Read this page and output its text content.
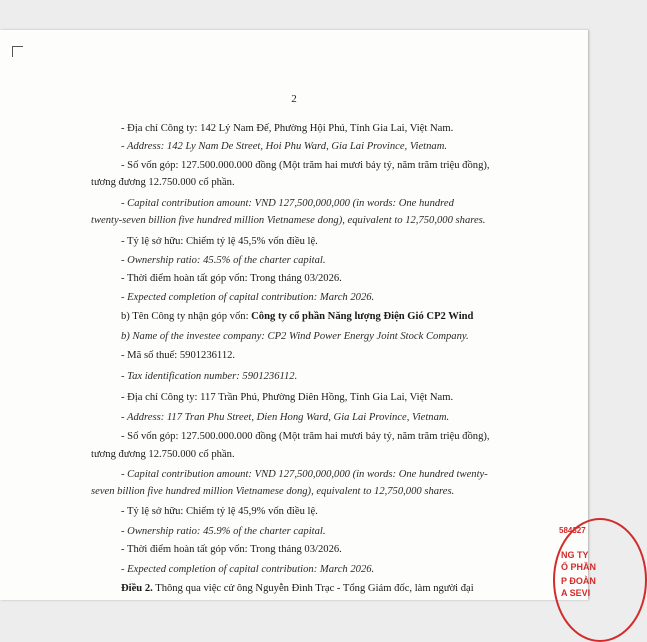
2
- Địa chỉ Công ty: 142 Lý Nam Đế, Phường Hội Phú, Tỉnh Gia Lai, Việt Nam.
- Address: 142 Ly Nam De Street, Hoi Phu Ward, Gia Lai Province, Vietnam.
- Số vốn góp: 127.500.000.000 đồng (Một trăm hai mươi bảy tỷ, năm trăm triệu đồng),
tương đương 12.750.000 cổ phần.
- Capital contribution amount: VND 127,500,000,000 (in words: One hundred
twenty-seven billion five hundred million Vietnamese dong), equivalent to 12,750,000 shares.
- Tỷ lệ sở hữu: Chiếm tỷ lệ 45,5% vốn điều lệ.
- Ownership ratio: 45.5% of the charter capital.
- Thời điểm hoàn tất góp vốn: Trong tháng 03/2026.
- Expected completion of capital contribution: March 2026.
b) Tên Công ty nhận góp vốn: Công ty cổ phần Năng lượng Điện Gió CP2 Wind
b) Name of the investee company: CP2 Wind Power Energy Joint Stock Company.
- Mã số thuế: 5901236112.
- Tax identification number: 5901236112.
- Địa chỉ Công ty: 117 Trần Phú, Phường Diên Hồng, Tỉnh Gia Lai, Việt Nam.
- Address: 117 Tran Phu Street, Dien Hong Ward, Gia Lai Province, Vietnam.
- Số vốn góp: 127.500.000.000 đồng (Một trăm hai mươi bảy tỷ, năm trăm triệu đồng),
tương đương 12.750.000 cổ phần.
- Capital contribution amount: VND 127,500,000,000 (in words: One hundred twenty-
seven billion five hundred million Vietnamese dong), equivalent to 12,750,000 shares.
- Tỷ lệ sở hữu: Chiếm tỷ lệ 45,9% vốn điều lệ.
- Ownership ratio: 45.9% of the charter capital.
- Thời điểm hoàn tất góp vốn: Trong tháng 03/2026.
- Expected completion of capital contribution: March 2026.
Điều 2. Thông qua việc cử ông Nguyễn Đình Trạc - Tổng Giám đốc, làm người đại
584327
NG TY
Ổ PHẦN
P ĐOÀN
A SEVI
